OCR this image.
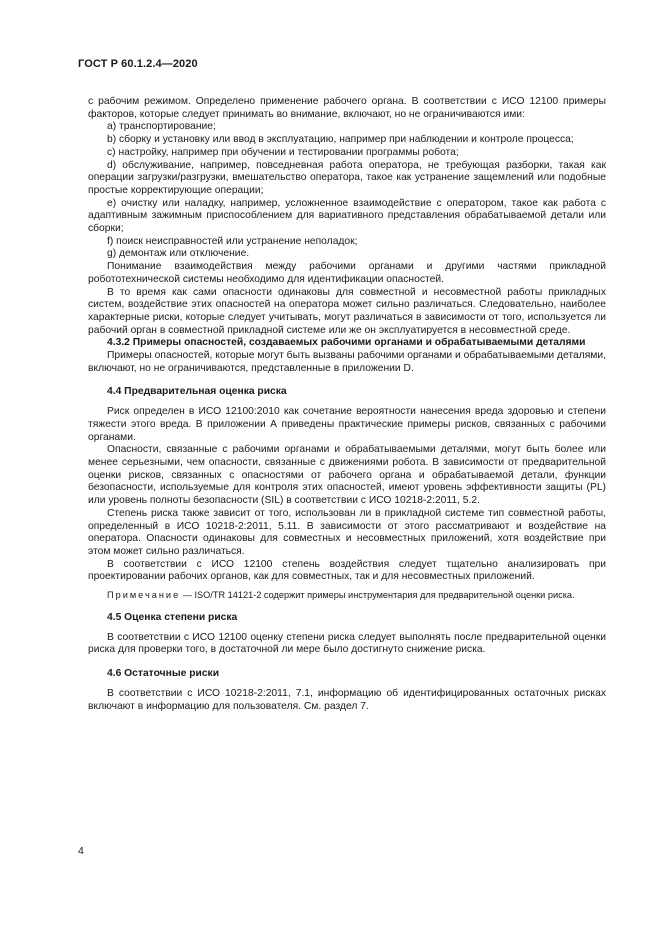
ГОСТ Р 60.1.2.4—2020

с рабочим режимом. Определено применение рабочего органа. В соответствии с ИСО 12100 примеры факторов, которые следует принимать во внимание, включают, но не ограничиваются ими:

a) транспортирование;

b) сборку и установку или ввод в эксплуатацию, например при наблюдении и контроле процесса;

c) настройку, например при обучении и тестировании программы робота;

d) обслуживание, например, повседневная работа оператора, не требующая разборки, такая как операции загрузки/разгрузки, вмешательство оператора, такое как устранение защемлений или подобные простые корректирующие операции;

e) очистку или наладку, например, усложненное взаимодействие с оператором, такое как работа с адаптивным зажимным приспособлением для вариативного представления обрабатываемой детали или сборки;

f) поиск неисправностей или устранение неполадок;

g) демонтаж или отключение.

Понимание взаимодействия между рабочими органами и другими частями прикладной робототехнической системы необходимо для идентификации опасностей.

В то время как сами опасности одинаковы для совместной и несовместной работы прикладных систем, воздействие этих опасностей на оператора может сильно различаться. Следовательно, наиболее характерные риски, которые следует учитывать, могут различаться в зависимости от того, используется ли рабочий орган в совместной прикладной системе или же он эксплуатируется в несовместной среде.

4.3.2 Примеры опасностей, создаваемых рабочими органами и обрабатываемыми деталями

Примеры опасностей, которые могут быть вызваны рабочими органами и обрабатываемыми деталями, включают, но не ограничиваются, представленные в приложении D.

4.4 Предварительная оценка риска

Риск определен в ИСО 12100:2010 как сочетание вероятности нанесения вреда здоровью и степени тяжести этого вреда. В приложении А приведены практические примеры рисков, связанных с рабочими органами.

Опасности, связанные с рабочими органами и обрабатываемыми деталями, могут быть более или менее серьезными, чем опасности, связанные с движениями робота. В зависимости от предварительной оценки рисков, связанных с опасностями от рабочего органа и обрабатываемой детали, функции безопасности, используемые для контроля этих опасностей, имеют уровень эффективности защиты (PL) или уровень полноты безопасности (SIL) в соответствии с ИСО 10218-2:2011, 5.2.

Степень риска также зависит от того, использован ли в прикладной системе тип совместной работы, определенный в ИСО 10218-2:2011, 5.11. В зависимости от этого рассматривают и воздействие на оператора. Опасности одинаковы для совместных и несовместных приложений, хотя воздействие при этом может сильно различаться.

В соответствии с ИСО 12100 степень воздействия следует тщательно анализировать при проектировании рабочих органов, как для совместных, так и для несовместных приложений.

Примечание — ISO/TR 14121-2 содержит примеры инструментария для предварительной оценки риска.

4.5 Оценка степени риска

В соответствии с ИСО 12100 оценку степени риска следует выполнять после предварительной оценки риска для проверки того, в достаточной ли мере было достигнуто снижение риска.

4.6 Остаточные риски

В соответствии с ИСО 10218-2:2011, 7.1, информацию об идентифицированных остаточных рисках включают в информацию для пользователя. См. раздел 7.

4
